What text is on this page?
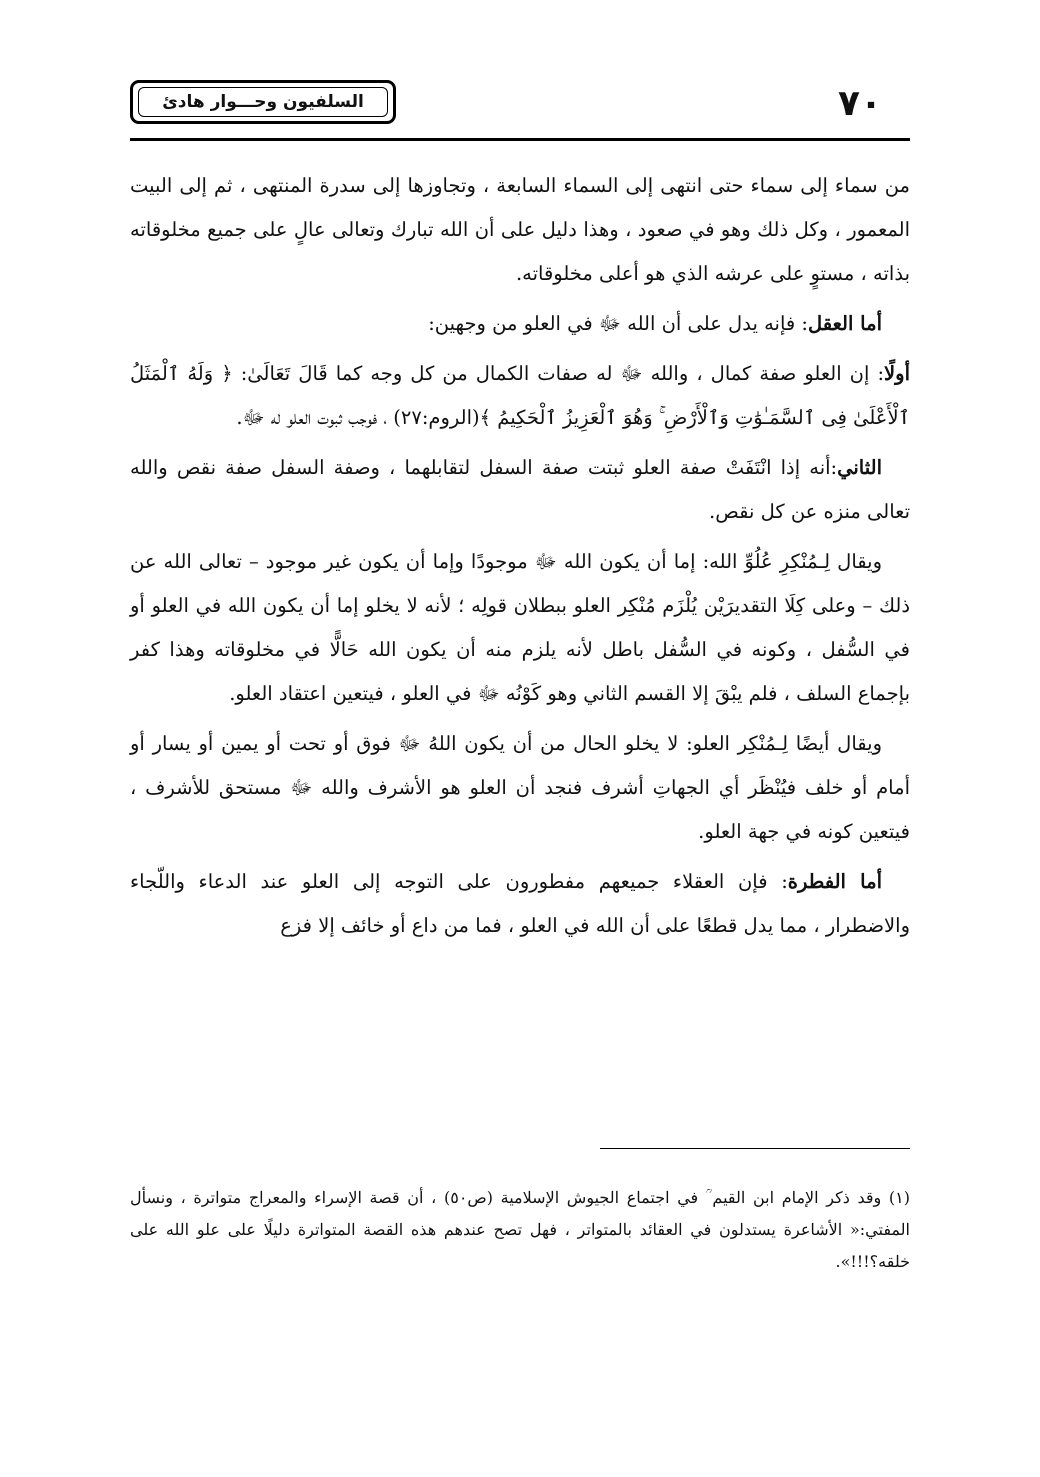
السلفيون وحـــوار هادئ	٧٠

من سماء إلى سماء حتى انتهى إلى السماء السابعة ، وتجاوزها إلى سدرة المنتهى ، ثم إلى البيت المعمور ، وكل ذلك وهو في صعود ، وهذا دليل على أن الله تبارك وتعالى عالٍ على جميع مخلوقاته بذاته ، مستوٍ على عرشه الذي هو أعلى مخلوقاته.

أما العقل: فإنه يدل على أن الله ﷻ في العلو من وجهين:

أولًا: إن العلو صفة كمال ، والله ﷻ له صفات الكمال من كل وجه كما قَالَ تَعَالَىٰ: ﴿ وَلَهُ ٱلْمَثَلُ ٱلْأَعْلَىٰ فِى ٱلسَّمَـٰوَٰتِ وَٱلْأَرْضِ ۚ وَهُوَ ٱلْعَزِيزُ ٱلْحَكِيمُ ﴾(الروم:٢٧) ، فوجب ثبوت العلو له ﷻ.

الثاني:أنه إذا انْتَفَتْ صفة العلو ثبتت صفة السفل لتقابلهما ، وصفة السفل صفة نقص والله تعالى منزه عن كل نقص.

ويقال لِـمُنْكِرِ عُلُوِّ الله: إما أن يكون الله ﷻ موجودًا وإما أن يكون غير موجود – تعالى الله عن ذلك – وعلى كِلَا التقديرَيْن يُلْزَم مُنْكِر العلو ببطلان قولِه ؛ لأنه لا يخلو إما أن يكون الله في العلو أو في السُّفل ، وكونه في السُّفل باطل لأنه يلزم منه أن يكون الله حَالًّا في مخلوقاته وهذا كفر بإجماع السلف ، فلم يبْقَ إلا القسم الثاني وهو كَوْنُه ﷻ في العلو ، فيتعين اعتقاد العلو.

ويقال أيضًا لِـمُنْكِر العلو: لا يخلو الحال من أن يكون اللهُ ﷻ فوق أو تحت أو يمين أو يسار أو أمام أو خلف فيُنْظَر أي الجهاتِ أشرف فنجد أن العلو هو الأشرف والله ﷻ مستحق للأشرف ، فيتعين كونه في جهة العلو.

أما الفطرة: فإن العقلاء جميعهم مفطورون على التوجه إلى العلو عند الدعاء واللّجاء والاضطرار ، مما يدل قطعًا على أن الله في العلو ، فما من داع أو خائف إلا فزع

(١) وقد ذكر الإمام ابن القيم ؒ في اجتماع الجيوش الإسلامية (ص٥٠) ، أن قصة الإسراء والمعراج متواترة ، ونسأل المفتي:« الأشاعرة يستدلون في العقائد بالمتواتر ، فهل تصح عندهم هذه القصة المتواترة دليلًا على علو الله على خلقه؟!!!».
